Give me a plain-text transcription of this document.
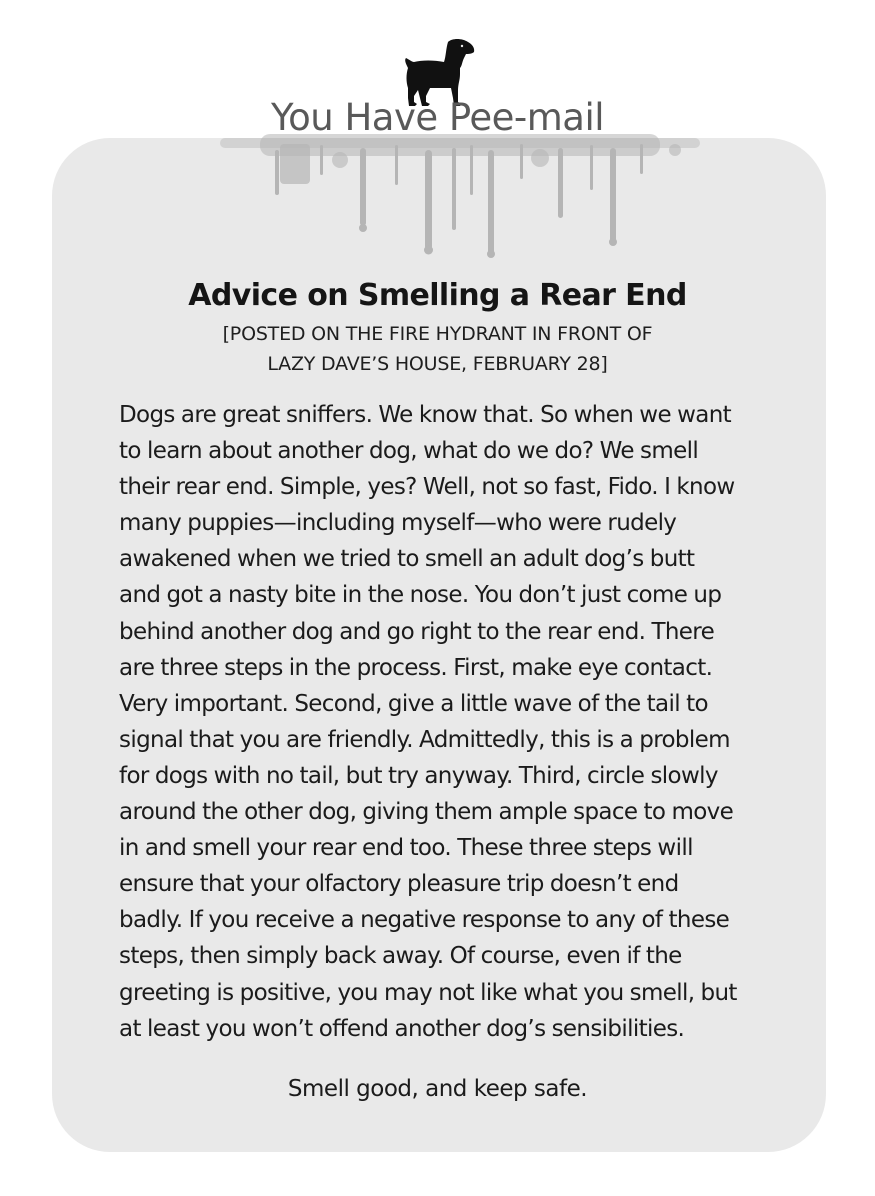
You Have Pee-mail
Advice on Smelling a Rear End
[POSTED ON THE FIRE HYDRANT IN FRONT OF
LAZY DAVE’S HOUSE, FEBRUARY 28]
Dogs are great sniffers. We know that. So when we want
to learn about another dog, what do we do? We smell
their rear end. Simple, yes? Well, not so fast, Fido. I know
many puppies—including myself—who were rudely
awakened when we tried to smell an adult dog’s butt
and got a nasty bite in the nose. You don’t just come up
behind another dog and go right to the rear end. There
are three steps in the process. First, make eye contact.
Very important. Second, give a little wave of the tail to
signal that you are friendly. Admittedly, this is a problem
for dogs with no tail, but try anyway. Third, circle slowly
around the other dog, giving them ample space to move
in and smell your rear end too. These three steps will
ensure that your olfactory pleasure trip doesn’t end
badly. If you receive a negative response to any of these
steps, then simply back away. Of course, even if the
greeting is positive, you may not like what you smell, but
at least you won’t offend another dog’s sensibilities.
Smell good, and keep safe.
